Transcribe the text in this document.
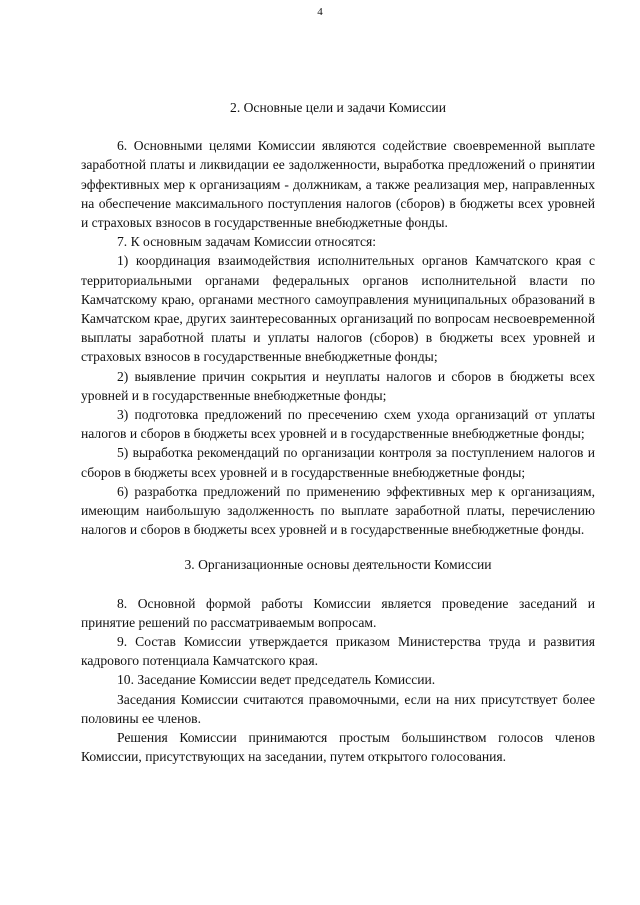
4
2. Основные цели и задачи Комиссии

6. Основными целями Комиссии являются содействие своевременной выплате заработной платы и ликвидации ее задолженности, выработка предложений о принятии эффективных мер к организациям - должникам, а также реализация мер, направленных на обеспечение максимального поступления налогов (сборов) в бюджеты всех уровней и страховых взносов в государственные внебюджетные фонды.

7. К основным задачам Комиссии относятся:

1) координация взаимодействия исполнительных органов Камчатского края с территориальными органами федеральных органов исполнительной власти по Камчатскому краю, органами местного самоуправления муниципальных образований в Камчатском крае, других заинтересованных организаций по вопросам несвоевременной выплаты заработной платы и уплаты налогов (сборов) в бюджеты всех уровней и страховых взносов в государственные внебюджетные фонды;

2) выявление причин сокрытия и неуплаты налогов и сборов в бюджеты всех уровней и в государственные внебюджетные фонды;

3) подготовка предложений по пресечению схем ухода организаций от уплаты налогов и сборов в бюджеты всех уровней и в государственные внебюджетные фонды;

5) выработка рекомендаций по организации контроля за поступлением налогов и сборов в бюджеты всех уровней и в государственные внебюджетные фонды;

6) разработка предложений по применению эффективных мер к организациям, имеющим наибольшую задолженность по выплате заработной платы, перечислению налогов и сборов в бюджеты всех уровней и в государственные внебюджетные фонды.

3. Организационные основы деятельности Комиссии

8. Основной формой работы Комиссии является проведение заседаний и принятие решений по рассматриваемым вопросам.

9. Состав Комиссии утверждается приказом Министерства труда и развития кадрового потенциала Камчатского края.

10. Заседание Комиссии ведет председатель Комиссии.

Заседания Комиссии считаются правомочными, если на них присутствует более половины ее членов.

Решения Комиссии принимаются простым большинством голосов членов Комиссии, присутствующих на заседании, путем открытого голосования.
